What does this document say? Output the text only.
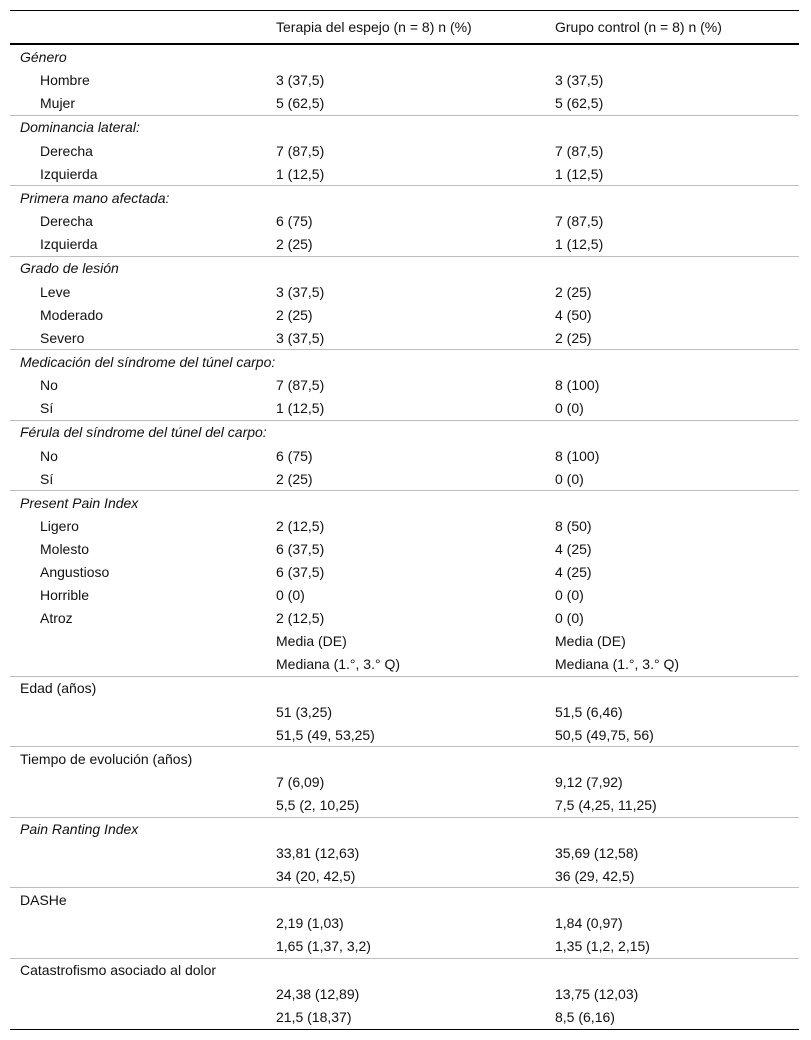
	Terapia del espejo (n = 8) n (%)	Grupo control (n = 8) n (%)
Género		
Hombre	3 (37,5)	3 (37,5)
Mujer	5 (62,5)	5 (62,5)
Dominancia lateral:		
Derecha	7 (87,5)	7 (87,5)
Izquierda	1 (12,5)	1 (12,5)
Primera mano afectada:		
Derecha	6 (75)	7 (87,5)
Izquierda	2 (25)	1 (12,5)
Grado de lesión		
Leve	3 (37,5)	2 (25)
Moderado	2 (25)	4 (50)
Severo	3 (37,5)	2 (25)
Medicación del síndrome del túnel carpo:		
No	7 (87,5)	8 (100)
Sí	1 (12,5)	0 (0)
Férula del síndrome del túnel del carpo:		
No	6 (75)	8 (100)
Sí	2 (25)	0 (0)
Present Pain Index		
Ligero	2 (12,5)	8 (50)
Molesto	6 (37,5)	4 (25)
Angustioso	6 (37,5)	4 (25)
Horrible	0 (0)	0 (0)
Atroz	2 (12,5)	0 (0)
	Media (DE)	Media (DE)
	Mediana (1.°, 3.° Q)	Mediana (1.°, 3.° Q)
Edad (años)		
	51 (3,25)	51,5 (6,46)
	51,5 (49, 53,25)	50,5 (49,75, 56)
Tiempo de evolución (años)		
	7 (6,09)	9,12 (7,92)
	5,5 (2, 10,25)	7,5 (4,25, 11,25)
Pain Ranting Index		
	33,81 (12,63)	35,69 (12,58)
	34 (20, 42,5)	36 (29, 42,5)
DASHe		
	2,19 (1,03)	1,84 (0,97)
	1,65 (1,37, 3,2)	1,35 (1,2, 2,15)
Catastrofismo asociado al dolor		
	24,38 (12,89)	13,75 (12,03)
	21,5 (18,37)	8,5 (6,16)
